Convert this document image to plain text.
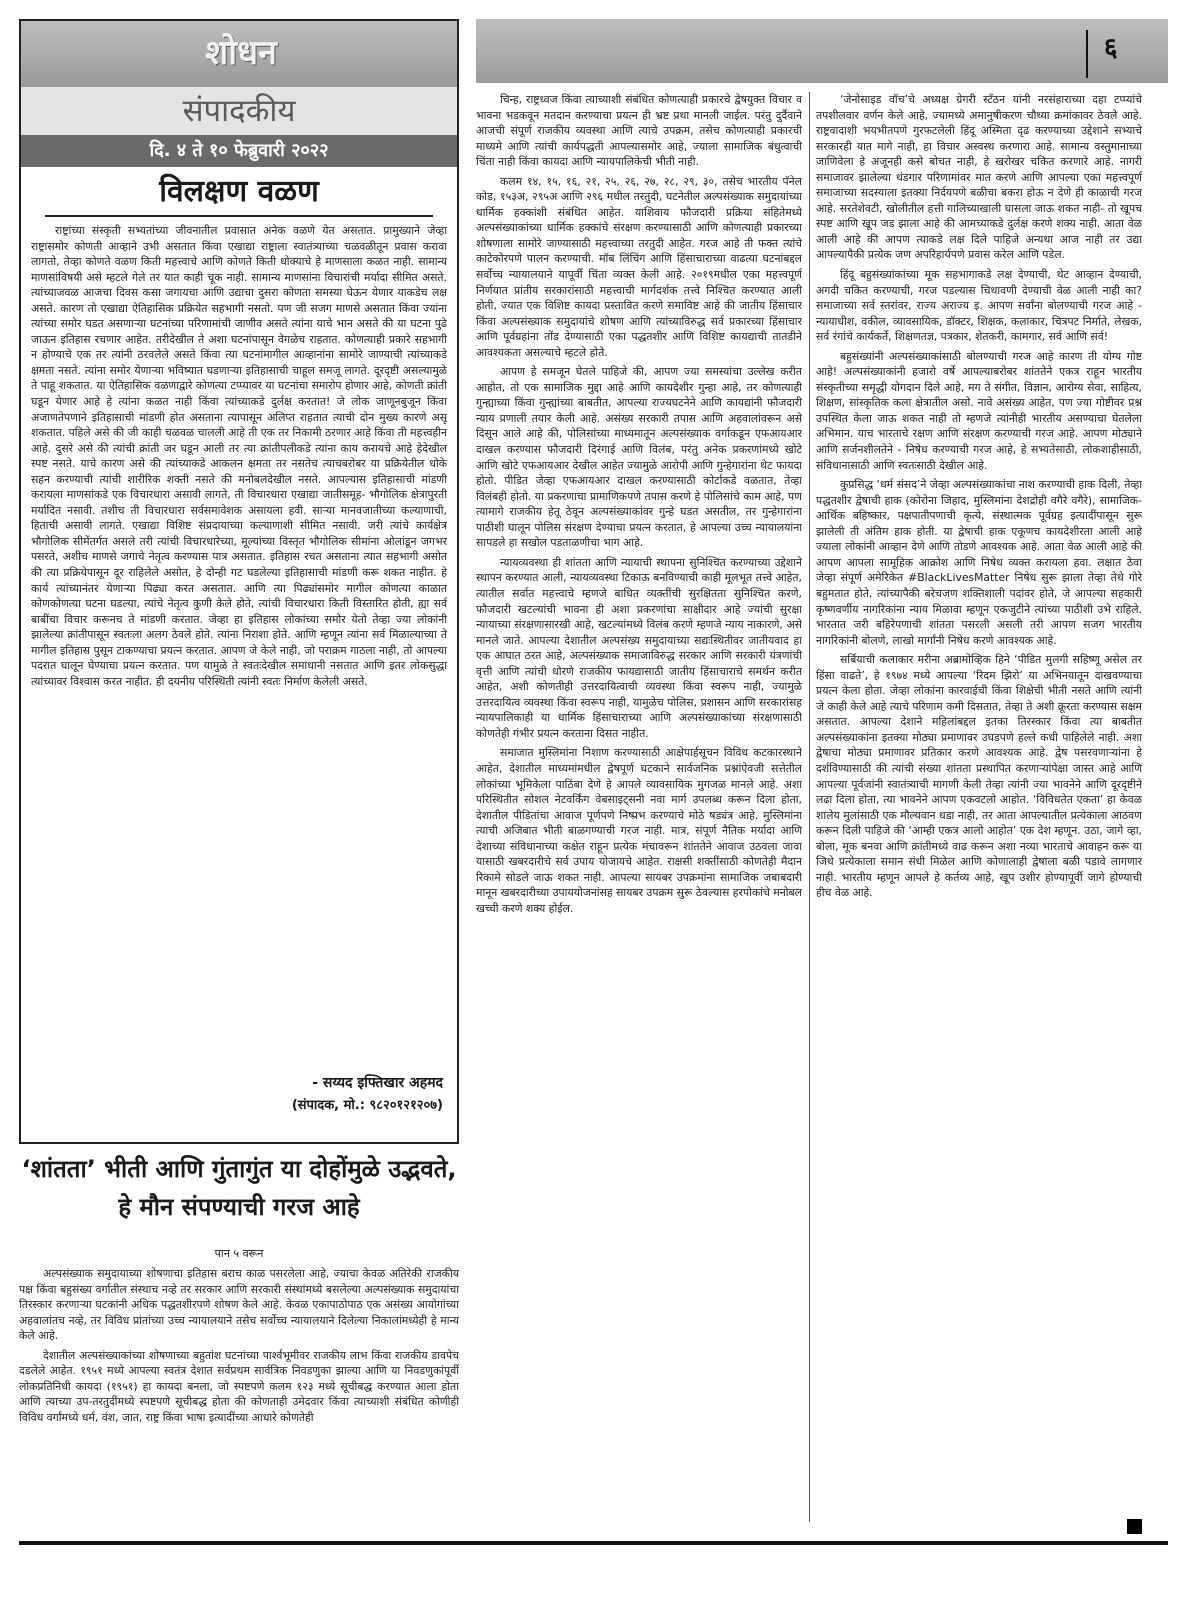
शोधन
संपादकीय
दि. ४ ते १० फेब्रुवारी २०२२
विलक्षण वळण

राष्ट्रांच्या संस्कृती सभ्यतांच्या जीवनातील प्रवासात अनेक वळणे येत असतात. प्रामुख्याने जेव्हा राष्ट्रासमोर कोणती आव्हाने उभी असतात किंवा एखाद्या राष्ट्राला स्वातंत्र्याच्या चळवळीतून प्रवास करावा लागतो, तेव्हा कोणते वळण किती महत्त्वाचे आणि कोणते किती धोक्याचे हे माणसाला कळत नाही. सामान्य माणसांविषयी असे म्हटले गेले तर यात काही चूक नाही. सामान्य माणसांना विचारांची मर्यादा सीमित असते. त्यांच्याजवळ आजचा दिवस कसा जगायचा आणि उद्याचा दुसरा कोणता समस्या घेऊन येणार याकडेच लक्ष असते. कारण तो एखाद्या ऐतिहासिक प्रक्रियेत सहभागी नसतो. पण जी सजग माणसे असतात किंवा ज्यांना त्यांच्या समोर घडत असणाऱ्या घटनांच्या परिणामांची जाणीव असते त्यांना याचे भान असते की या घटना पुढे जाऊन इतिहास रचणार आहेत. तरीदेखील ते अशा घटनांपासून वेगळेच राहतात. कोणत्याही प्रकारे सहभागी न होण्याचे एक तर त्यांनी ठरवलेले असते किंवा त्या घटनांमागील आव्हानांना सामोरे जाण्याची त्यांच्याकडे क्षमता नसते. त्यांना समोर येणाऱ्या भविष्यात घडणाऱ्या इतिहासाची चाहूल समजू लागते. दूरदृष्टी असल्यामुळे ते पाहू शकतात. या ऐतिहासिक वळणाद्वारे कोणत्या टप्प्यावर या घटनांचा समारोप होणार आहे, कोणती क्रांती घडून येणार आहे हे त्यांना कळत नाही किंवा त्यांच्याकडे दुर्लक्ष करतात! जे लोक जाणूनबुजून किंवा अजाणतेपणाने इतिहासाची मांडणी होत असताना त्यापासून अलिप्त राहतात त्याची दोन मुख्य कारणे असू शकतात. पहिले असे की जी काही चळवळ चालली आहे ती एक तर निकामी ठरणार आहे किंवा ती महत्त्वहीन आहे. दुसरे असे की त्यांची क्रांती जर घडून आली तर त्या क्रांतीपलीकडे त्यांना काय करायचे आहे हेदेखील स्पष्ट नसते. याचे कारण असे की त्यांच्याकडे आकलन क्षमता तर नसतेच त्याचबरोबर या प्रक्रियेतील धोके सहन करण्याची त्यांची शारीरिक शक्ती नसते की मनोबलदेखील नसते. आपल्यास इतिहासाची मांडणी करायला माणसांकडे एक विचारधारा असावी लागते, ती विचारधारा एखाद्या जातीसमूह- भौगोलिक क्षेत्रापुरती मर्यादित नसावी. तशीच ती विचारधारा सर्वसमावेशक असायला हवी. साऱ्या मानवजातीच्या कल्याणाची, हिताची असावी लागते. एखाद्या विशिष्ट संप्रदायाच्या कल्याणाशी सीमित नसावी. जरी त्यांचे कार्यक्षेत्र भौगोलिक सीमेंतर्गत असले तरी त्यांची विचारधारेच्या, मूल्यांच्या विस्तृत भौगोलिक सीमांना ओलांडून जगभर पसरते, अशीच माणसे जगाचे नेतृत्व करण्यास पात्र असतात. इतिहास रचत असताना त्यात सहभागी असोत की त्या प्रक्रियेपासून दूर राहिलेले असोत, हे दोन्ही गट घडलेल्या इतिहासाची मांडणी करू शकत नाहीत. हे कार्य त्यांच्यानंतर येणाऱ्या पिढ्या करत असतात. आणि त्या पिढ्यांसमोर मागील कोणत्या काळात कोणकोणत्या घटना घडल्या, त्यांचे नेतृत्व कुणी केले होते, त्यांची विचारधारा किती विस्तारित होती, ह्या सर्व बाबींचा विचार करूनच ते मांडणी करतात. जेव्हा हा इतिहास लोकांच्या समोर येतो तेव्हा ज्या लोकांनी झालेल्या क्रांतीपासून स्वतःला अलग ठेवले होते. त्यांना निराशा होते. आणि म्हणून त्यांना सर्व मिळाल्याच्या ते मागील इतिहास पुसून टाकण्याचा प्रयत्न करतात. आपण जे केले नाही, जो पराक्रम गाठला नाही, तो आपल्या पदरात घालून घेण्याचा प्रयत्न करतात. पण यामुळे ते स्वतःदेखील समाधानी नसतात आणि इतर लोकसुद्धा त्यांच्यावर विश्वास करत नाहीत. ही दयनीय परिस्थिती त्यांनी स्वतः निर्माण केलेली असते.

- सय्यद इफ्तिखार अहमद
(संपादक, मो.: ९८२०१२१२०७)
‘शांतता’ भीती आणि गुंतागुंत या दोहोंमुळे उद्भवते,
हे मौन संपण्याची गरज आहे
पान ५ वरून

अल्पसंख्याक समुदायाच्या शोषणाचा इतिहास बराच काळ पसरलेला आहे, ज्याचा केवळ अतिरेकी राजकीय पक्ष किंवा बहुसंख्य वर्गातील संस्थाच नव्हे तर सरकार आणि सरकारी संस्थांमध्ये बसलेल्या अल्पसंख्याक समुदायांचा तिरस्कार करणाऱ्या घटकांनी अधिक पद्धतशीरपणे शोषण केले आहे. केवळ एकापाठोपाठ एक असंख्य आयोगांच्या अहवालांतच नव्हे, तर विविध प्रांतांच्या उच्च न्यायालयाने तसेच सर्वोच्च न्यायालयाने दिलेल्या निकालांमध्येही हे मान्य केले आहे.

देशातील अल्पसंख्याकांच्या शोषणाच्या बहुतांश घटनांच्या पार्श्वभूमीवर राजकीय लाभ किंवा राजकीय डावपेच दडलेले आहेत. १९५१ मध्ये आपल्या स्वतंत्र देशात सर्वप्रथम सार्वत्रिक निवडणुका झाल्या आणि या निवडणुकांपूर्वी लोकप्रतिनिधी कायदा (१९५१) हा कायदा बनला, जो स्पष्टपणे कलम १२३ मध्ये सूचीबद्ध करण्यात आला होता आणि त्याच्या उप-तरतुदींमध्ये स्पष्टपणे सूचीबद्ध होता की कोणताही उमेदवार किंवा त्याच्याशी संबंधित कोणीही विविध वर्गांमध्ये धर्म, वंश, जात, राष्ट्र किंवा भाषा इत्यादींच्या आधारे कोणतेही

६

चिन्ह, राष्ट्रध्वज किंवा त्याच्याशी संबंधित कोणत्याही प्रकारचे द्वेषयुक्त विचार व भावना भडकवून मतदान करण्याचा प्रयत्न ही भ्रष्ट प्रथा मानली जाईल. परंतु दुर्दैवाने आजची संपूर्ण राजकीय व्यवस्था आणि त्याचे उपक्रम, तसेच कोणत्याही प्रकारची माध्यमे आणि त्यांची कार्यपद्धती आपल्यासमोर आहे, ज्याला सामाजिक बंधुत्वाची चिंता नाही किंवा कायदा आणि न्यायपालिकेची भीती नाही.

कलम १४, १५, १६, २१, २५, २६, २७, २८, २९, ३०, तसेच भारतीय पॅनेल कोड, १५३अ, २९५अ आणि २९६ मधील तरतुदी, घटनेतील अल्पसंख्याक समुदायांच्या धार्मिक हक्कांशी संबंधित आहेत. याशिवाय फौजदारी प्रक्रिया संहितेमध्ये अल्पसंख्याकांच्या धार्मिक हक्कांचे संरक्षण करण्यासाठी आणि कोणत्याही प्रकारच्या शोषणाला सामोरे जाण्यासाठी महत्त्वाच्या तरतुदी आहेत. गरज आहे ती फक्त त्यांचे काटेकोरपणे पालन करण्याची. मॉब लिंचिंग आणि हिंसाचाराच्या वाढत्या घटनांबद्दल सर्वोच्च न्यायालयाने यापूर्वी चिंता व्यक्त केली आहे. २०१९मधील एका महत्त्वपूर्ण निर्णयात प्रांतीय सरकारांसाठी महत्त्वाची मार्गदर्शक तत्त्वे निश्चित करण्यात आली होती, ज्यात एक विशिष्ट कायदा प्रस्तावित करणे समाविष्ट आहे की जातीय हिंसाचार किंवा अल्पसंख्याक समुदायांचे शोषण आणि त्यांच्याविरुद्ध सर्व प्रकारच्या हिंसाचार आणि पूर्वग्रहांना तोंड देण्यासाठी एका पद्धतशीर आणि विशिष्ट कायद्याची तातडीने आवश्यकता असल्याचे म्हटले होते.

आपण हे समजून घेतले पाहिजे की, आपण ज्या समस्यांचा उल्लेख करीत आहोत, तो एक सामाजिक मुद्दा आहे आणि कायदेशीर गुन्हा आहे, तर कोणत्याही गुन्ह्याच्या किंवा गुन्ह्यांच्या बाबतीत, आपल्या राज्यघटनेने आणि कायद्यांनी फौजदारी न्याय प्रणाली तयार केली आहे. असंख्य सरकारी तपास आणि अहवालांवरून असे दिसून आले आहे की, पोलिसांच्या माध्यमातून अल्पसंख्याक वर्गाकडून एफआयआर दाखल करण्यास फौजदारी दिरंगाई आणि विलंब, परंतु अनेक प्रकरणांमध्ये खोटे आणि खोटे एफआयआर देखील आहेत ज्यामुळे आरोपी आणि गुन्हेगारांना थेट फायदा होतो. पीडित जेव्हा एफआयआर दाखल करण्यासाठी कोर्टाकडे वळतात, तेव्हा विलंबही होतो. या प्रकरणाचा प्रामाणिकपणे तपास करणे हे पोलिसांचे काम आहे, पण त्यामागे राजकीय हेतू ठेवून अल्पसंख्याकांवर गुन्हे घडत असतील, तर गुन्हेगारांना पाठीशी घालून पोलिस संरक्षण देण्याचा प्रयत्न करतात, हे आपल्या उच्च न्यायालयांना सापडले हा सखोल पडताळणीचा भाग आहे.

न्यायव्यवस्था ही शांतता आणि न्यायाची स्थापना सुनिश्चित करण्याच्या उद्देशाने स्थापन करण्यात आली, न्यायव्यवस्था टिकाऊ बनविण्याची काही मूलभूत तत्त्वे आहेत, त्यातील सर्वात महत्त्वाचे म्हणजे बाधित व्यक्तींची सुरक्षितता सुनिश्चित करणे, फौजदारी खटल्यांची भावना ही अशा प्रकरणांचा साक्षीदार आहे ज्यांची सुरक्षा न्यायाच्या संरक्षणासारखी आहे, खटल्यांमध्ये विलंब करणे म्हणजे न्याय नाकारणे, असे मानले जाते. आपल्या देशातील अल्पसंख्य समुदायाच्या सद्यःस्थितीवर जातीयवाद हा एक आघात ठरत आहे, अल्पसंख्याक समाजाविरुद्ध सरकार आणि सरकारी यंत्रणांची वृत्ती आणि त्यांची धोरणे राजकीय फायद्यासाठी जातीय हिंसाचाराचे समर्थन करीत आहेत, अशी कोणतीही उत्तरदायित्वाची व्यवस्था किंवा स्वरूप नाही, ज्यामुळे उत्तरदायित्व व्यवस्था किंवा स्वरूप नाही, यामुळेच पोलिस, प्रशासन आणि सरकारांसह न्यायपालिकाही या धार्मिक हिंसाचाराच्या आणि अल्पसंख्याकांच्या संरक्षणासाठी कोणतेही गंभीर प्रयत्न करताना दिसत नाहीत.

समाजात मुस्लिमांना निशाण करण्यासाठी आक्षेपार्हसूचन विविध कटकारस्थाने आहेत, देशातील माध्यमांमधील द्वेषपूर्ण घटकाने सार्वजनिक प्रश्नांऐवजी सत्तेतील लोकांच्या भूमिकेला पाठिंबा देणे हे आपले व्यावसायिक मुगजळ मानले आहे. अशा परिस्थितीत सोशल नेटवर्किंग वेबसाइट्सनी नवा मार्ग उपलब्ध करून दिला होता, देशातील पीडितांचा आवाज पूर्णपणे निष्प्रभ करण्याचे मोठे षड्यंत्र आहे. मुस्लिमांना त्याची अजिबात भीती बाळगण्याची गरज नाही. मात्र, संपूर्ण नैतिक मर्यादा आणि देशाच्या संविधानाच्या कक्षेत राहून प्रत्येक मंचावरून शांततेने आवाज उठवला जावा यासाठी खबरदारीचे सर्व उपाय योजायचे आहेत. राक्षसी शक्तींसाठी कोणतेही मैदान रिकामे सोडले जाऊ शकत नाही. आपल्या सायबर उपक्रमांना सामाजिक जबाबदारी मानून खबरदारीच्या उपाययोजनांसह सायबर उपक्रम सुरू ठेवल्यास हरपोकांचे मनोबल खच्ची करणे शक्य होईल.

‘जेनोसाइड वॉच’चे अध्यक्ष ग्रेगरी स्टँठन यांनी नरसंहाराच्या दहा टप्प्यांचे तपशीलवार वर्णन केले आहे, ज्यामध्ये अमानुषीकरण चौथ्या क्रमांकावर ठेवले आहे. राष्ट्रवादाशी भयभीतपणे गुरफटलेली हिंदू अस्मिता दृढ करण्याच्या उद्देशाने सभ्याचे सरकारही यात मागे नाही, हा विचार अस्वस्थ करणारा आहे. सामान्य वस्तुमानाच्या जाणिवेला हे अजूनही कसे बोचत नाही, हे खरोखर चकित करणारे आहे. नागरी समाजावर झालेल्या थंडगार परिणामांवर मात करणे आणि आपल्या एका महत्त्वपूर्ण समाजाच्या सदस्याला इतक्या निर्दयपणे बळीचा बकरा होऊ न देणे ही काळाची गरज आहे. सरतेशेवटी, खोलीतील हत्ती गालिच्याखाली घासला जाऊ शकत नाही- तो खूपच स्पष्ट आणि खूप जड झाला आहे की आमच्याकडे दुर्लक्ष करणे शक्य नाही. आता वेळ आली आहे की आपण त्याकडे लक्ष दिले पाहिजे अन्यथा आज नाही तर उद्या आपल्यापैकी प्रत्येक जण अपरिहार्यपणे प्रवास करेल आणि पडेल.

हिंदू बहुसंख्यांकांच्या मूक सहभागाकडे लक्ष देण्याची, थेट आव्हान देण्याची, अगदी चकित करण्याची, गरज पडल्यास चिथावणी देण्याची वेळ आली नाही का? समाजाच्या सर्व स्तरांवर, राज्य अराज्य इ. आपण सर्वांना बोलण्याची गरज आहे - न्यायाधीश, वकील, व्यावसायिक, डॉक्टर, शिक्षक, कलाकार, चित्रपट निर्माते, लेखक, सर्व रंगांचे कार्यकर्ते, शिक्षणतज्ञ, पत्रकार, शेतकरी, कामगार, सर्व आणि सर्व!

बहुसंख्यांनी अल्पसंख्याकांसाठी बोलण्याची गरज आहे कारण ती योग्य गोष्ट आहे! अल्पसंख्याकांनी हजारो वर्षे आपल्याबरोबर शांततेने एकत्र राहून भारतीय संस्कृतीच्या समृद्धी योगदान दिले आहे, मग ते संगीत, विज्ञान, आरोग्य सेवा, साहित्य, शिक्षण, सांस्कृतिक कला क्षेत्रातील असो. नावे असंख्य आहेत, पण ज्या गोष्टीवर प्रश्न उपस्थित केला जाऊ शकत नाही तो म्हणजे त्यांनीही भारतीय असण्याचा घेतलेला अभिमान. याच भारताचे रक्षण आणि संरक्षण करण्याची गरज आहे. आपण मोठ्याने आणि सर्जनशीलतेने - निषेध करण्याची गरज आहे, हे सभ्यतेसाठी, लोकशाहीसाठी, संविधानासाठी आणि स्वतःसाठी देखील आहे.

कुप्रसिद्ध ‘धर्म संसद’ने जेव्हा अल्पसंख्याकांचा नाश करण्याची हाक दिली, तेव्हा पद्धतशीर द्वेषाची हाक (कोरोना जिहाद, मुस्लिमांना देशद्रोही वगैरे वगैरे), सामाजिक-आर्थिक बहिष्कार, पक्षपातीपणाची कृत्ये, संस्थात्मक पूर्वग्रह इत्यादींपासून सुरू झालेली ती अंतिम हाक होती. या द्वेषाची हाक एकूणच कायदेशीरता आली आहे ज्याला लोकांनी आव्हान देणे आणि तोडणे आवश्यक आहे. आता वेळ आली आहे की आपण आपला सामूहिक आक्रोश आणि निषेध व्यक्त करायला हवा. लक्षात ठेवा जेव्हा संपूर्ण अमेरिकेत #BlackLivesMatter निषेध सुरू झाला तेव्हा तेथे गोरे बहुमतात होते, त्यांच्यापैकी बरेचजण शक्तिशाली पदांवर होते, जे आपल्या सहकारी कृष्णवर्णीय नागरिकांना न्याय मिळावा म्हणून एकजुटीने त्यांच्या पाठीशी उभे राहिले. भारतात जरी बहिरेपणाची शांतता पसरली असली तरी आपण सजग भारतीय नागरिकांनी बोलणे, लाखो मार्गांनी निषेध करणे आवश्यक आहे.

सर्बियाची कलाकार मरीना अब्रामोव्हिक हिने ‘पीडित मुलगी सहिष्णू असेल तर हिंसा वाढते’, हे १९७४ मध्ये आपल्या ‘रिदम झिरो’ या अभिनयातून दाखवण्याचा प्रयत्न केला होता. जेव्हा लोकांना कारवाईची किंवा शिक्षेची भीती नसते आणि त्यांनी जे काही केले आहे त्याचे परिणाम कमी दिसतात, तेव्हा ते अशी क्रूरता करण्यास सक्षम असतात. आपल्या देशाने महिलांबद्दल इतका तिरस्कार किंवा त्या बाबतीत अल्पसंख्याकांना इतक्या मोठ्या प्रमाणावर उघडपणे हल्ले कधी पाहिलेले नाही. अशा द्वेषाचा मोठ्या प्रमाणावर प्रतिकार करणे आवश्यक आहे. द्वेष पसरवणाऱ्यांना हे दर्शविण्यासाठी की त्यांची संख्या शांतता प्रस्थापित करणाऱ्यांपेक्षा जास्त आहे आणि आपल्या पूर्वजांनी स्वातंत्र्याची मागणी केली तेव्हा त्यांनी ज्या भावनेने आणि दूरदृष्टीने लढा दिला होता, त्या भावनेने आपण एकवटलो आहोत. ‘विविधतेत एकता’ हा केवळ शालेय मुलांसाठी एक मौल्यवान धडा नाही, तर आता आपल्यातील प्रत्येकाला आठवण करून दिली पाहिजे की ‘आम्ही एकत्र आलो आहोत’ एक देश म्हणून. उठा, जागे व्हा, बोला, मूक बनवा आणि क्रांतीमध्ये वाढ करून अशा नव्या भारताचे आवाहन करू या जिथे प्रत्येकाला समान संधी मिळेल आणि कोणालाही द्वेषाला बळी पडावे लागणार नाही. भारतीय म्हणून आपले हे कर्तव्य आहे, खूप उशीर होण्यापूर्वी जागे होण्याची हीच वेळ आहे.
